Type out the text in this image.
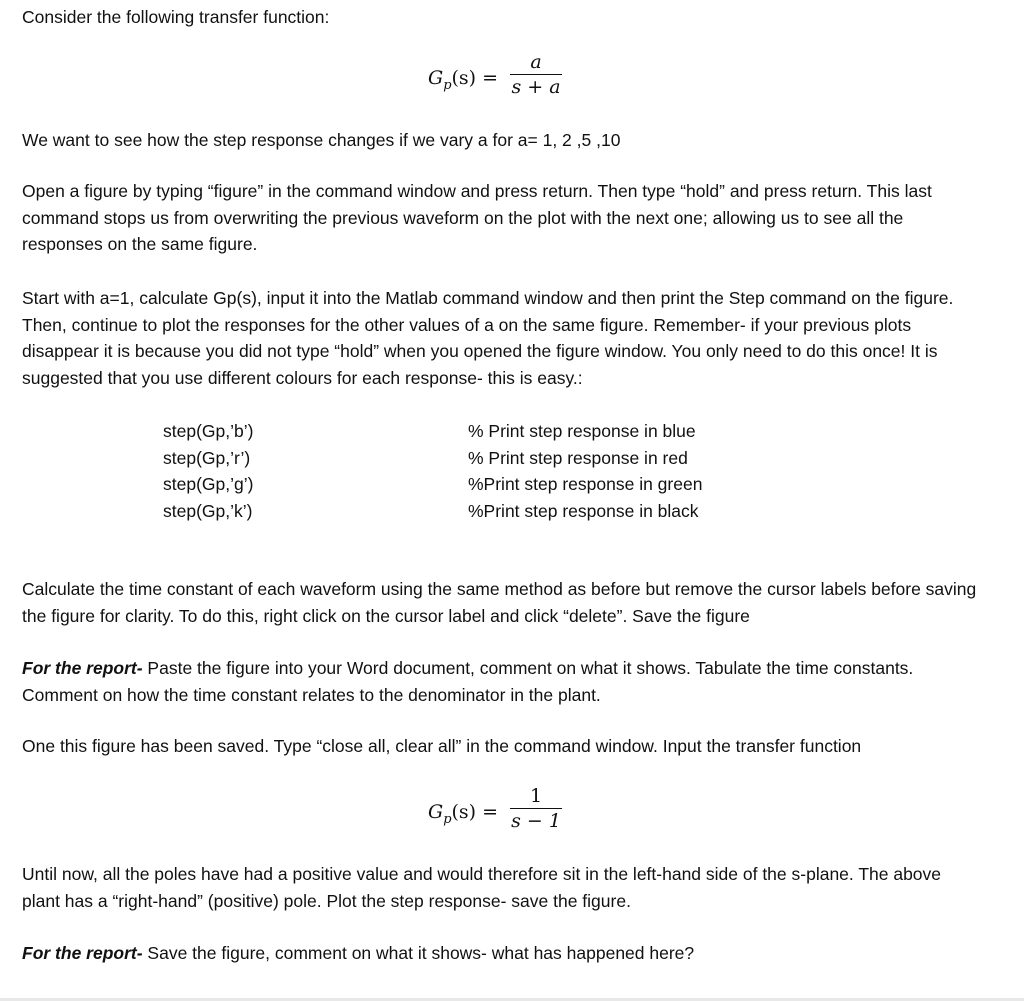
Consider the following transfer function:

$G_p(s)$ =
a
s + a

We want to see how the step response changes if we vary a for a= 1, 2 ,5 ,10

Open a figure by typing “figure” in the command window and press return. Then type “hold” and press return. This last command stops us from overwriting the previous waveform on the plot with the next one; allowing us to see all the responses on the same figure.

Start with a=1, calculate Gp(s), input it into the Matlab command window and then print the Step command on the figure. Then, continue to plot the responses for the other values of a on the same figure. Remember- if your previous plots disappear it is because you did not type “hold” when you opened the figure window. You only need to do this once! It is suggested that you use different colours for each response- this is easy.:

step(Gp,’b’)
step(Gp,’r’)
step(Gp,’g’)
step(Gp,’k’)
% Print step response in blue
% Print step response in red
%Print step response in green
%Print step response in black

Calculate the time constant of each waveform using the same method as before but remove the cursor labels before saving the figure for clarity. To do this, right click on the cursor label and click “delete”. Save the figure

For the report- Paste the figure into your Word document, comment on what it shows. Tabulate the time constants. Comment on how the time constant relates to the denominator in the plant.

One this figure has been saved. Type “close all, clear all” in the command window. Input the transfer function

$G_p(s)$ =
1
s − 1

Until now, all the poles have had a positive value and would therefore sit in the left-hand side of the s-plane. The above plant has a “right-hand” (positive) pole. Plot the step response- save the figure.

For the report- Save the figure, comment on what it shows- what has happened here?
